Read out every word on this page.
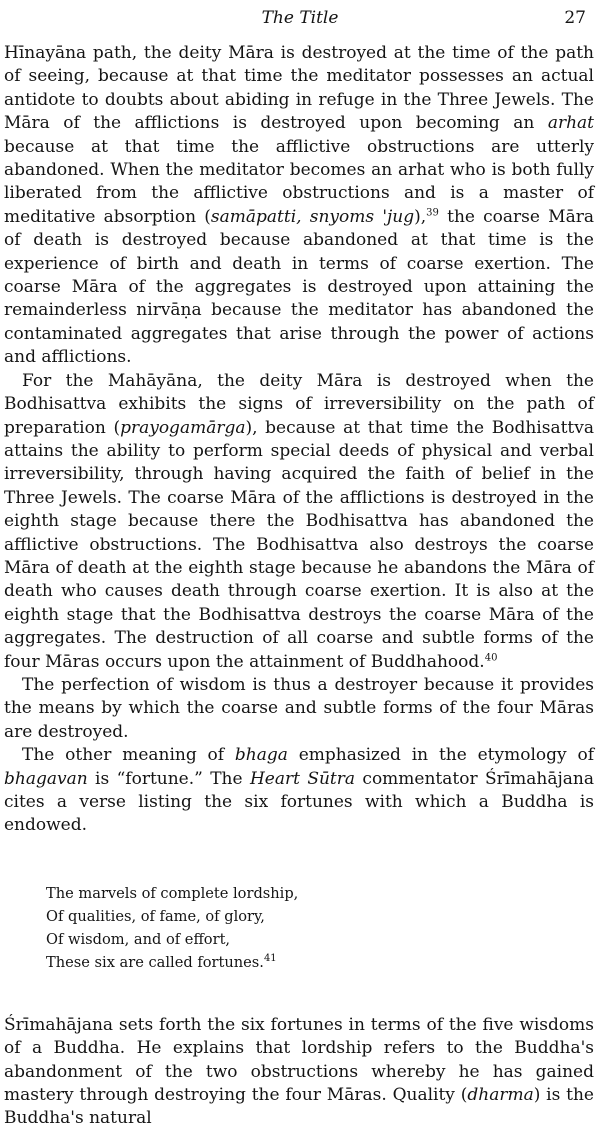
The Title	27

Hīnayāna path, the deity Māra is destroyed at the time of the path of seeing, because at that time the meditator possesses an actual antidote to doubts about abiding in refuge in the Three Jewels. The Māra of the afflictions is destroyed upon becoming an arhat because at that time the afflictive obstructions are utterly abandoned. When the meditator becomes an arhat who is both fully liberated from the afflictive obstructions and is a master of meditative absorption (samāpatti, snyoms 'jug),$^{39}$ the coarse Māra of death is destroyed because abandoned at that time is the experience of birth and death in terms of coarse exertion. The coarse Māra of the aggregates is destroyed upon attaining the remainderless nirvāṇa because the meditator has abandoned the contaminated aggregates that arise through the power of actions and afflictions.

For the Mahāyāna, the deity Māra is destroyed when the Bodhisattva exhibits the signs of irreversibility on the path of preparation (prayogamārga), because at that time the Bodhisattva attains the ability to perform special deeds of physical and verbal irreversibility, through having acquired the faith of belief in the Three Jewels. The coarse Māra of the afflictions is destroyed in the eighth stage because there the Bodhisattva has abandoned the afflictive obstructions. The Bodhisattva also destroys the coarse Māra of death at the eighth stage because he abandons the Māra of death who causes death through coarse exertion. It is also at the eighth stage that the Bodhisattva destroys the coarse Māra of the aggregates. The destruction of all coarse and subtle forms of the four Māras occurs upon the attainment of Buddhahood.$^{40}$

The perfection of wisdom is thus a destroyer because it provides the means by which the coarse and subtle forms of the four Māras are destroyed.

The other meaning of bhaga emphasized in the etymology of bhagavan is “fortune.” The Heart Sūtra commentator Śrīmahājana cites a verse listing the six fortunes with which a Buddha is endowed.

The marvels of complete lordship,
Of qualities, of fame, of glory,
Of wisdom, and of effort,
These six are called fortunes.$^{41}$

Śrīmahājana sets forth the six fortunes in terms of the five wisdoms of a Buddha. He explains that lordship refers to the Buddha's abandonment of the two obstructions whereby he has gained mastery through destroying the four Māras. Quality (dharma) is the Buddha's natural
